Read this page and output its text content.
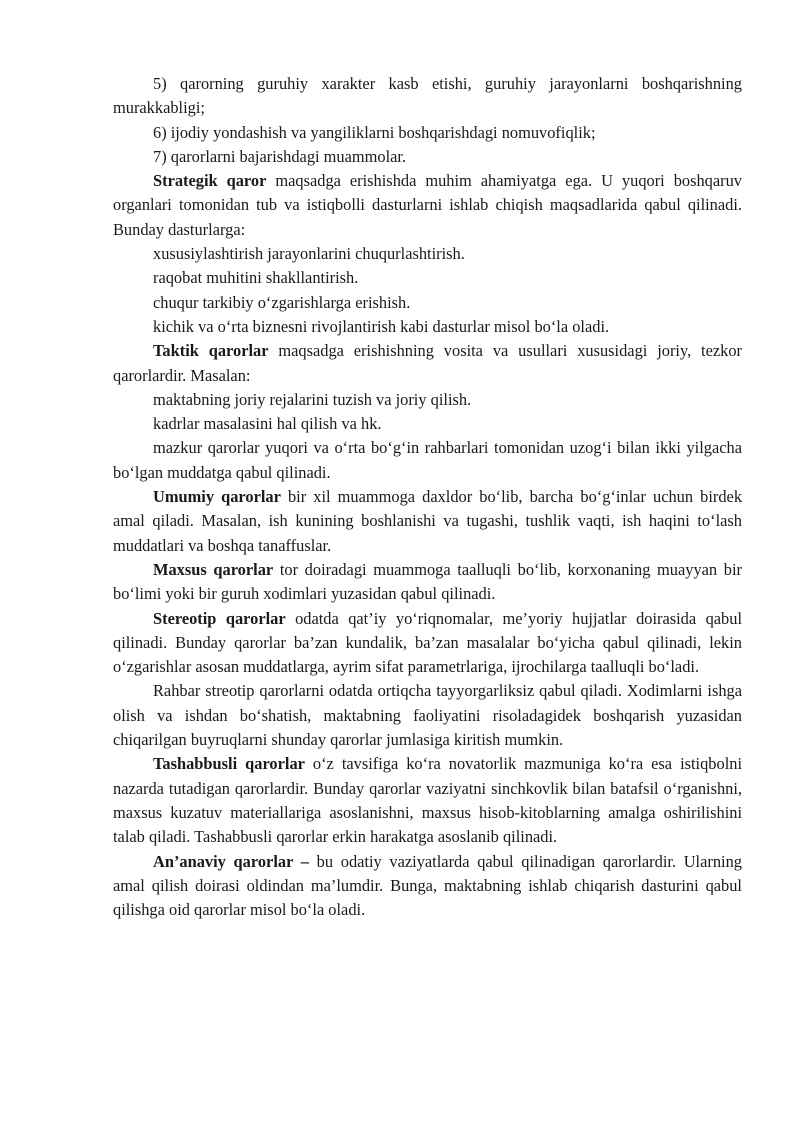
5) qarorning guruhiy xarakter kasb etishi, guruhiy jarayonlarni boshqarishning murakkabligi;

6) ijodiy yondashish va yangiliklarni boshqarishdagi nomuvofiqlik;

7) qarorlarni bajarishdagi muammolar.

Strategik qaror maqsadga erishishda muhim ahamiyatga ega. U yuqori boshqaruv organlari tomonidan tub va istiqbolli dasturlarni ishlab chiqish maqsadlarida qabul qilinadi. Bunday dasturlarga:

xususiylashtirish jarayonlarini chuqurlashtirish.

raqobat muhitini shakllantirish.

chuqur tarkibiy o‘zgarishlarga erishish.

kichik va o‘rta biznesni rivojlantirish kabi dasturlar misol bo‘la oladi.

Taktik qarorlar maqsadga erishishning vosita va usullari xususidagi joriy, tezkor qarorlardir. Masalan:

maktabning joriy rejalarini tuzish va joriy qilish.

kadrlar masalasini hal qilish va hk.

mazkur qarorlar yuqori va o‘rta bo‘g‘in rahbarlari tomonidan uzog‘i bilan ikki yilgacha bo‘lgan muddatga qabul qilinadi.

Umumiy qarorlar bir xil muammoga daxldor bo‘lib, barcha bo‘g‘inlar uchun birdek amal qiladi. Masalan, ish kunining boshlanishi va tugashi, tushlik vaqti, ish haqini to‘lash muddatlari va boshqa tanaffuslar.

Maxsus qarorlar tor doiradagi muammoga taalluqli bo‘lib, korxonaning muayyan bir bo‘limi yoki bir guruh xodimlari yuzasidan qabul qilinadi.

Stereotip qarorlar odatda qat’iy yo‘riqnomalar, me’yoriy hujjatlar doirasida qabul qilinadi. Bunday qarorlar ba’zan kundalik, ba’zan masalalar bo‘yicha qabul qilinadi, lekin o‘zgarishlar asosan muddatlarga, ayrim sifat parametrlariga, ijrochilarga taalluqli bo‘ladi.

Rahbar streotip qarorlarni odatda ortiqcha tayyorgarliksiz qabul qiladi. Xodimlarni ishga olish va ishdan bo‘shatish, maktabning faoliyatini risoladagidek boshqarish yuzasidan chiqarilgan buyruqlarni shunday qarorlar jumlasiga kiritish mumkin.

Tashabbusli qarorlar o‘z tavsifiga ko‘ra novatorlik mazmuniga ko‘ra esa istiqbolni nazarda tutadigan qarorlardir. Bunday qarorlar vaziyatni sinchkovlik bilan batafsil o‘rganishni, maxsus kuzatuv materiallariga asoslanishni, maxsus hisob-kitoblarning amalga oshirilishini talab qiladi. Tashabbusli qarorlar erkin harakatga asoslanib qilinadi.

An’anaviy qarorlar – bu odatiy vaziyatlarda qabul qilinadigan qarorlardir. Ularning amal qilish doirasi oldindan ma’lumdir. Bunga, maktabning ishlab chiqarish dasturini qabul qilishga oid qarorlar misol bo‘la oladi.
